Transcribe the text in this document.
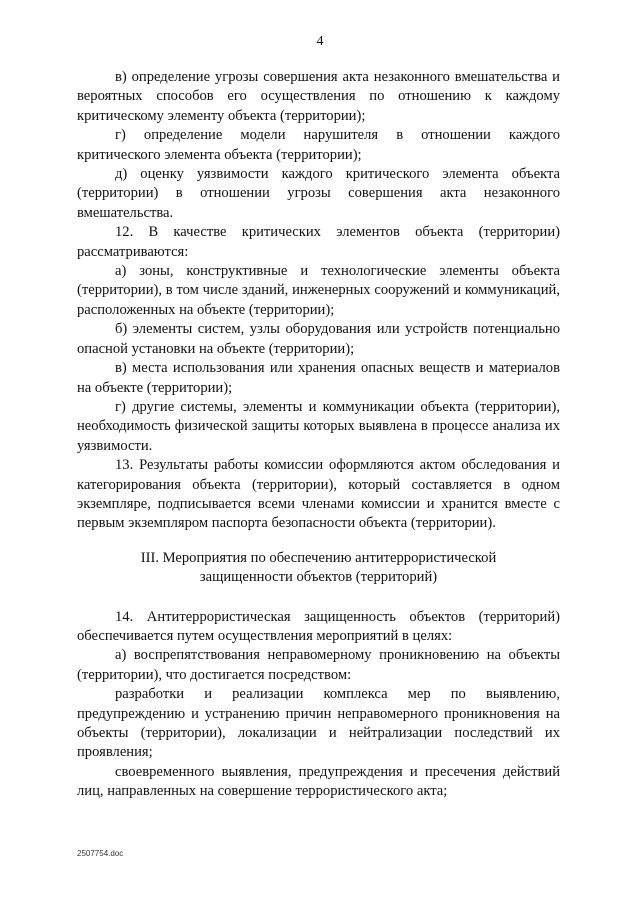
4

в) определение угрозы совершения акта незаконного вмешательства и вероятных способов его осуществления по отношению к каждому критическому элементу объекта (территории);

г) определение модели нарушителя в отношении каждого критического элемента объекта (территории);

д) оценку уязвимости каждого критического элемента объекта (территории) в отношении угрозы совершения акта незаконного вмешательства.

12. В качестве критических элементов объекта (территории) рассматриваются:

а) зоны, конструктивные и технологические элементы объекта (территории), в том числе зданий, инженерных сооружений и коммуникаций, расположенных на объекте (территории);

б) элементы систем, узлы оборудования или устройств потенциально опасной установки на объекте (территории);

в) места использования или хранения опасных веществ и материалов на объекте (территории);

г) другие системы, элементы и коммуникации объекта (территории), необходимость физической защиты которых выявлена в процессе анализа их уязвимости.

13. Результаты работы комиссии оформляются актом обследования и категорирования объекта (территории), который составляется в одном экземпляре, подписывается всеми членами комиссии и хранится вместе с первым экземпляром паспорта безопасности объекта (территории).

III. Мероприятия по обеспечению антитеррористической
защищенности объектов (территорий)

14. Антитеррористическая защищенность объектов (территорий) обеспечивается путем осуществления мероприятий в целях:

а) воспрепятствования неправомерному проникновению на объекты (территории), что достигается посредством:

разработки и реализации комплекса мер по выявлению, предупреждению и устранению причин неправомерного проникновения на объекты (территории), локализации и нейтрализации последствий их проявления;

своевременного выявления, предупреждения и пресечения действий лиц, направленных на совершение террористического акта;

2507754.doc
